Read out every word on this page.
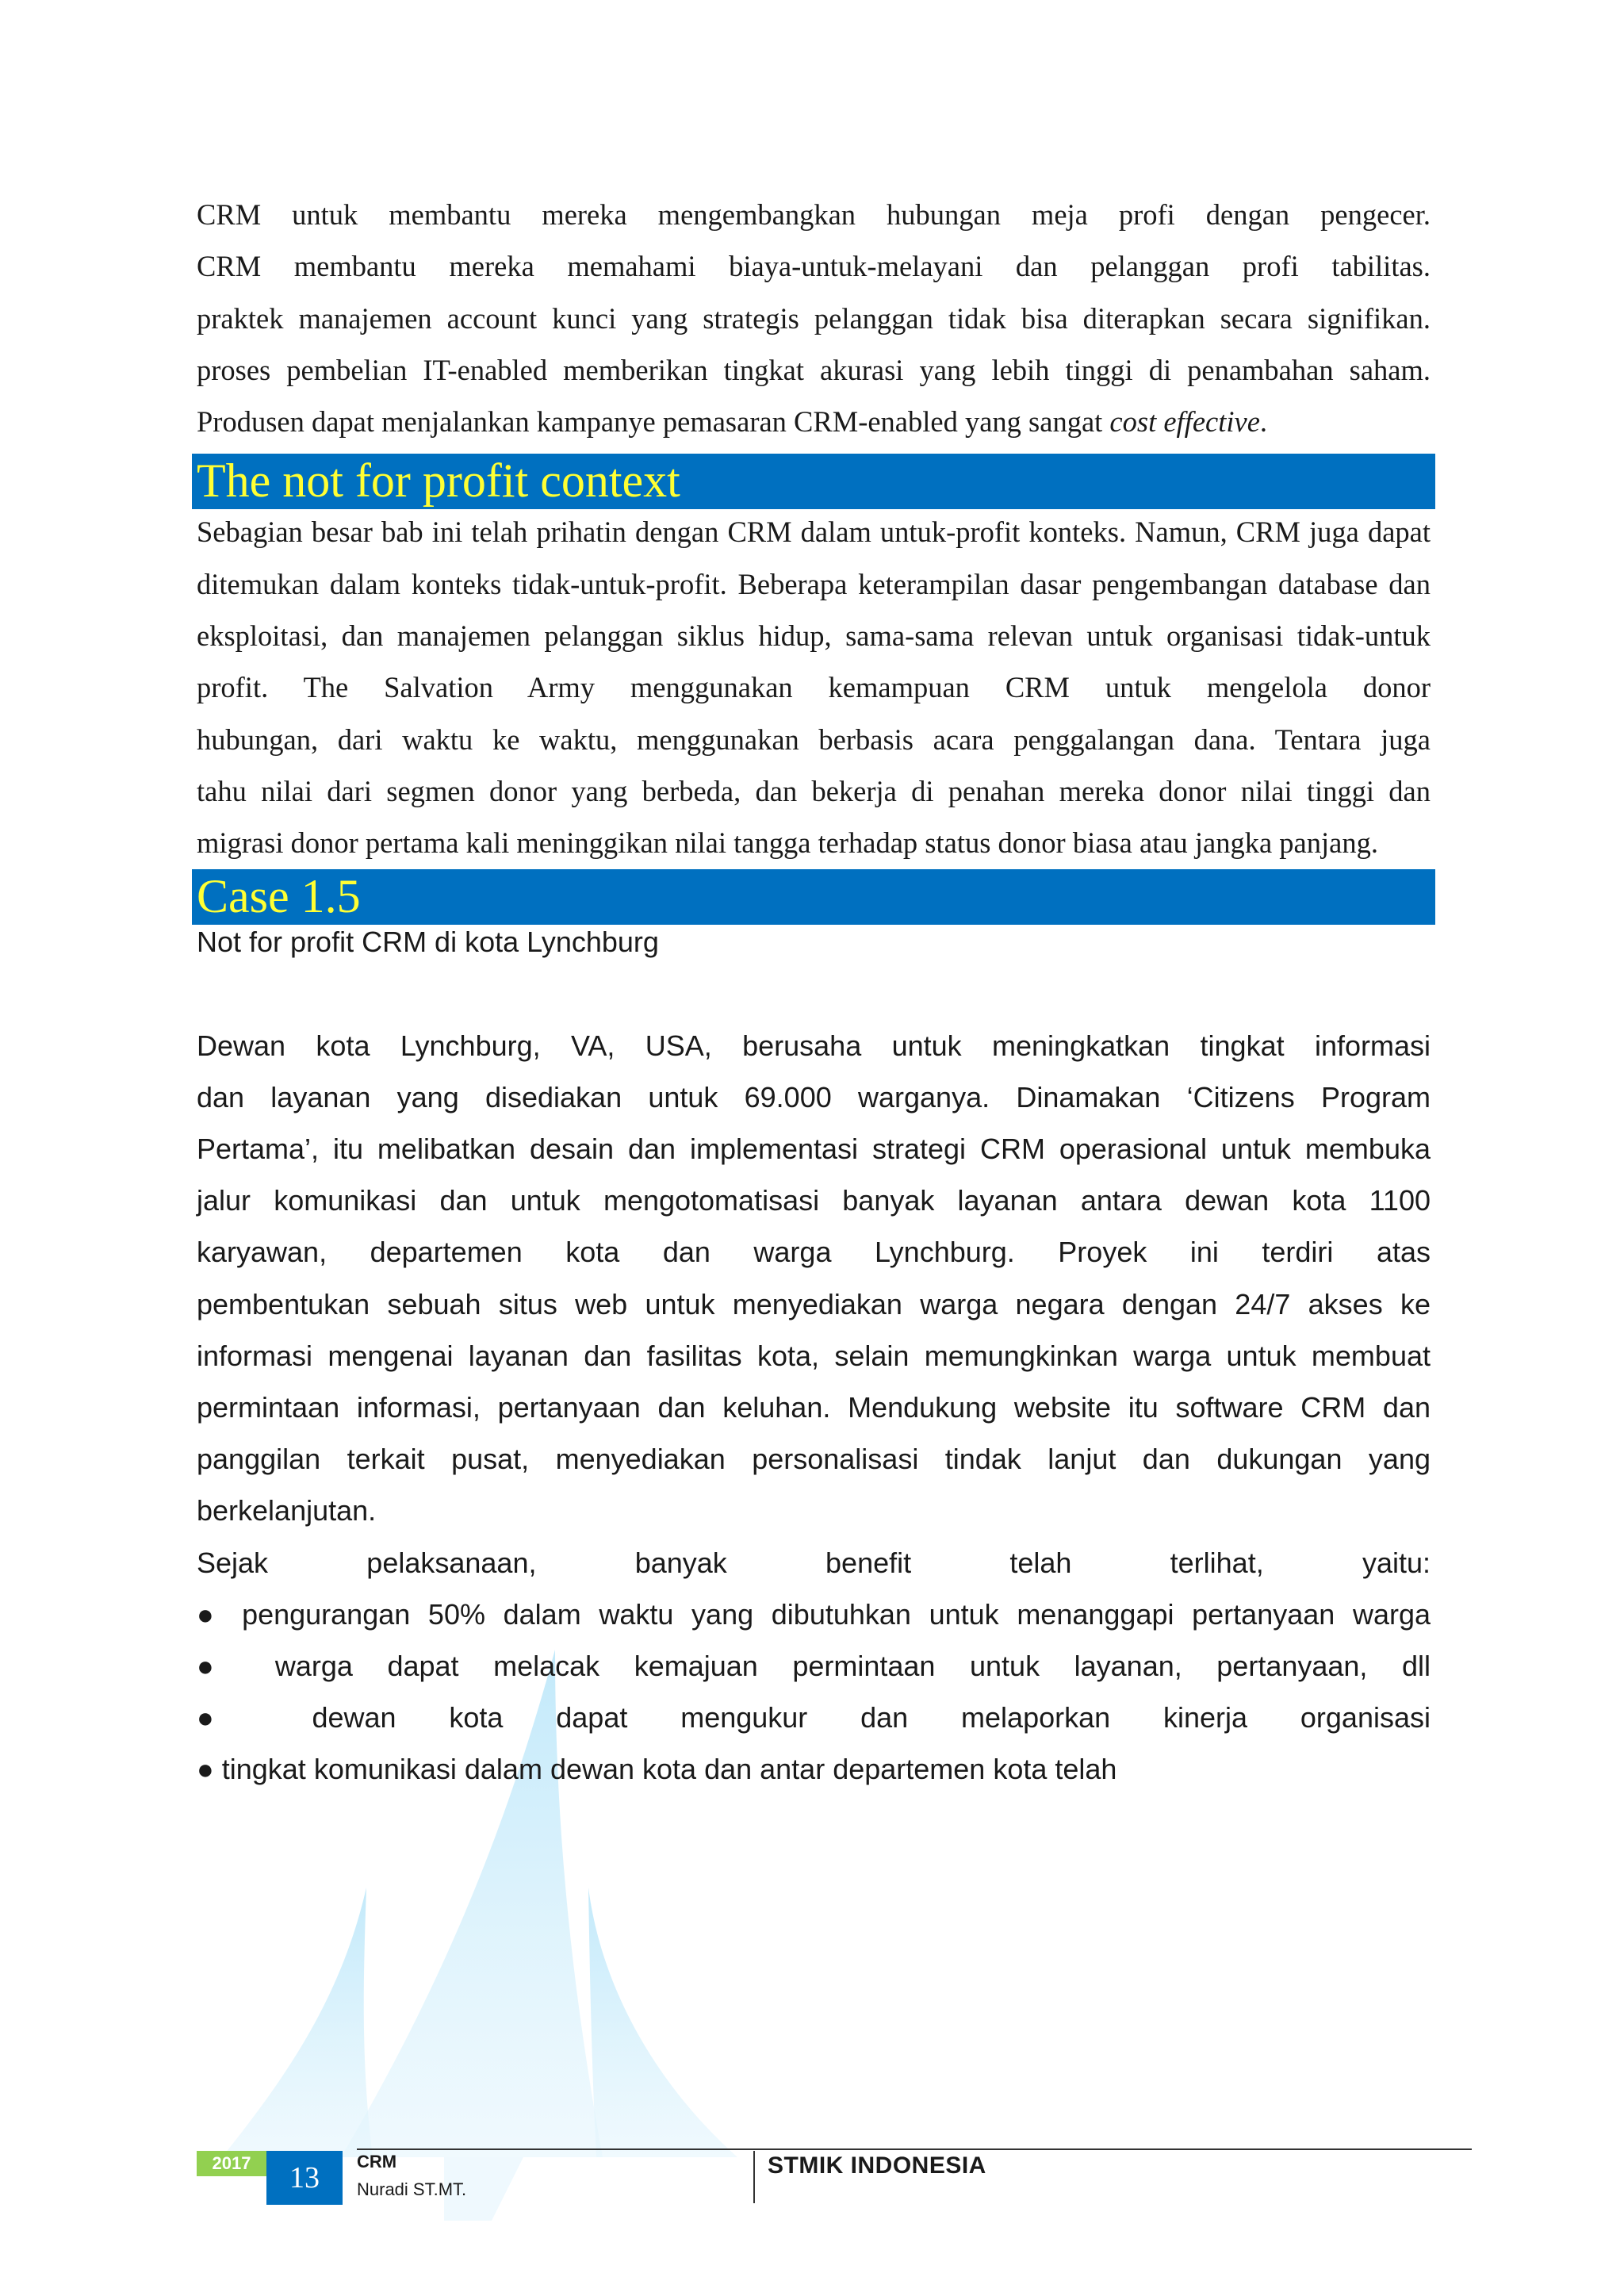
CRM untuk membantu mereka mengembangkan hubungan meja profi dengan pengecer.
CRM membantu mereka memahami biaya-untuk-melayani dan pelanggan profi tabilitas.
praktek manajemen account kunci yang strategis pelanggan tidak bisa diterapkan secara signifikan.
proses pembelian IT-enabled memberikan tingkat akurasi yang lebih tinggi di penambahan saham.
Produsen dapat menjalankan kampanye pemasaran CRM-enabled yang sangat cost effective.
The not for profit context
Sebagian besar bab ini telah prihatin dengan CRM dalam untuk-profit konteks. Namun, CRM juga dapat
ditemukan dalam konteks tidak-untuk-profit. Beberapa keterampilan dasar pengembangan database dan
eksploitasi, dan manajemen pelanggan siklus hidup, sama-sama relevan untuk organisasi tidak-untuk
profit. The Salvation Army menggunakan kemampuan CRM untuk mengelola donor
hubungan, dari waktu ke waktu, menggunakan berbasis acara penggalangan dana. Tentara juga
tahu nilai dari segmen donor yang berbeda, dan bekerja di penahan mereka donor nilai tinggi dan
migrasi donor pertama kali meninggikan nilai tangga terhadap status donor biasa atau jangka panjang.
Case 1.5

Not for profit CRM di kota Lynchburg

Dewan kota Lynchburg, VA, USA, berusaha untuk meningkatkan tingkat informasi
dan layanan yang disediakan untuk 69.000 warganya. Dinamakan ‘Citizens Program
Pertama’, itu melibatkan desain dan implementasi strategi CRM operasional untuk membuka
jalur komunikasi dan untuk mengotomatisasi banyak layanan antara dewan kota 1100
karyawan, departemen kota dan warga Lynchburg. Proyek ini terdiri atas
pembentukan sebuah situs web untuk menyediakan warga negara dengan 24/7 akses ke
informasi mengenai layanan dan fasilitas kota, selain memungkinkan warga untuk membuat
permintaan informasi, pertanyaan dan keluhan. Mendukung website itu software CRM dan
panggilan terkait pusat, menyediakan personalisasi tindak lanjut dan dukungan yang
berkelanjutan.
Sejak pelaksanaan, banyak benefit telah terlihat, yaitu:
● pengurangan 50% dalam waktu yang dibutuhkan untuk menanggapi pertanyaan warga
● warga dapat melacak kemajuan permintaan untuk layanan, pertanyaan, dll
● dewan kota dapat mengukur dan melaporkan kinerja organisasi
● tingkat komunikasi dalam dewan kota dan antar departemen kota telah
2017	13	CRM
Nuradi ST.MT.
STMIK INDONESIA
